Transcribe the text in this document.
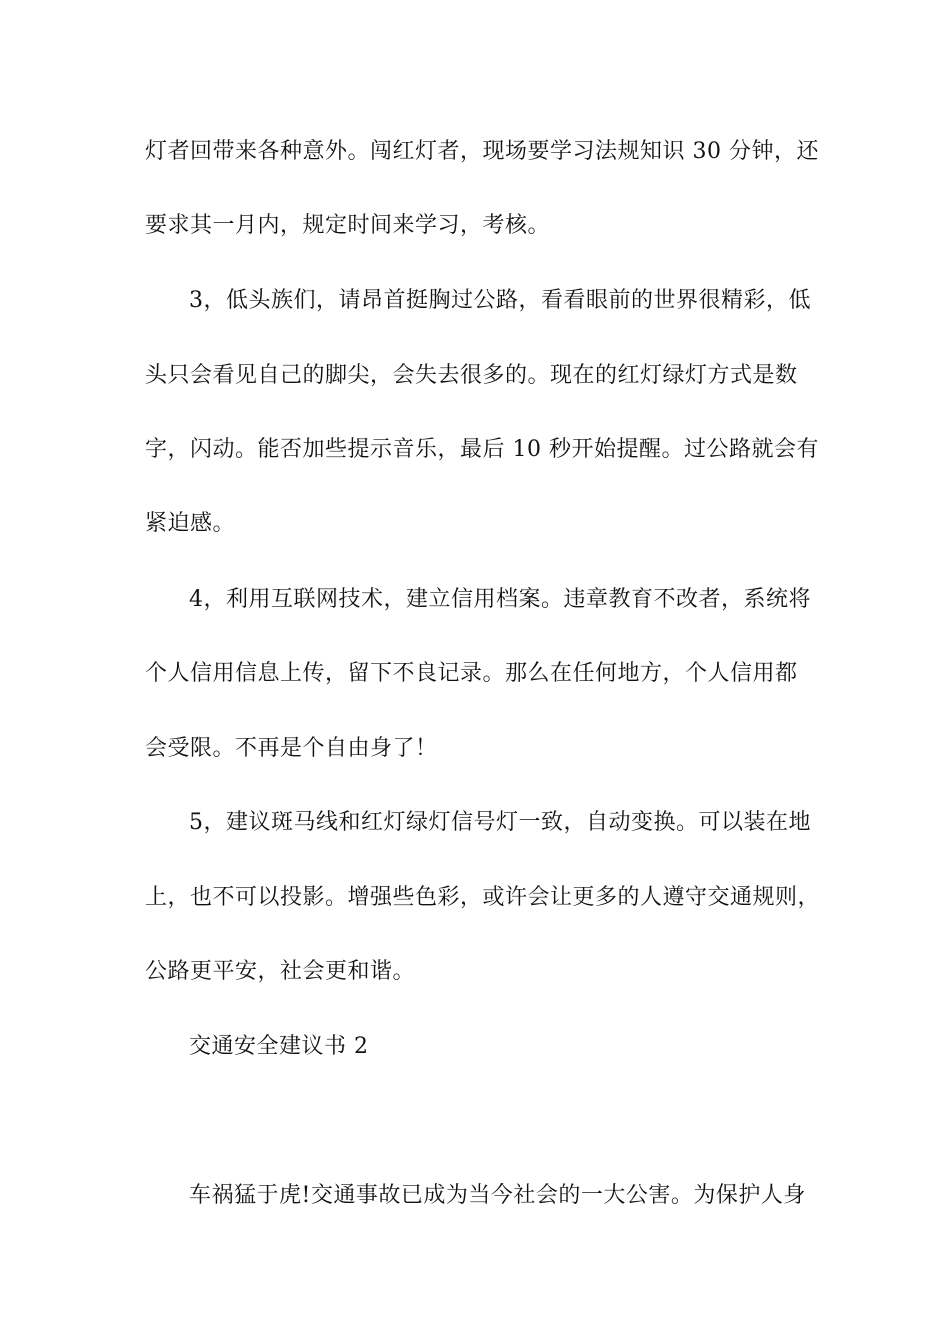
灯者回带来各种意外。闯红灯者，现场要学习法规知识 30 分钟，还
要求其一月内，规定时间来学习，考核。
3，低头族们，请昂首挺胸过公路，看看眼前的世界很精彩，低
头只会看见自己的脚尖，会失去很多的。现在的红灯绿灯方式是数
字，闪动。能否加些提示音乐，最后 10 秒开始提醒。过公路就会有
紧迫感。
4，利用互联网技术，建立信用档案。违章教育不改者，系统将
个人信用信息上传，留下不良记录。那么在任何地方，个人信用都
会受限。不再是个自由身了！
5，建议斑马线和红灯绿灯信号灯一致，自动变换。可以装在地
上，也不可以投影。增强些色彩，或许会让更多的人遵守交通规则，
公路更平安，社会更和谐。
交通安全建议书 2
车祸猛于虎!交通事故已成为当今社会的一大公害。为保护人身
